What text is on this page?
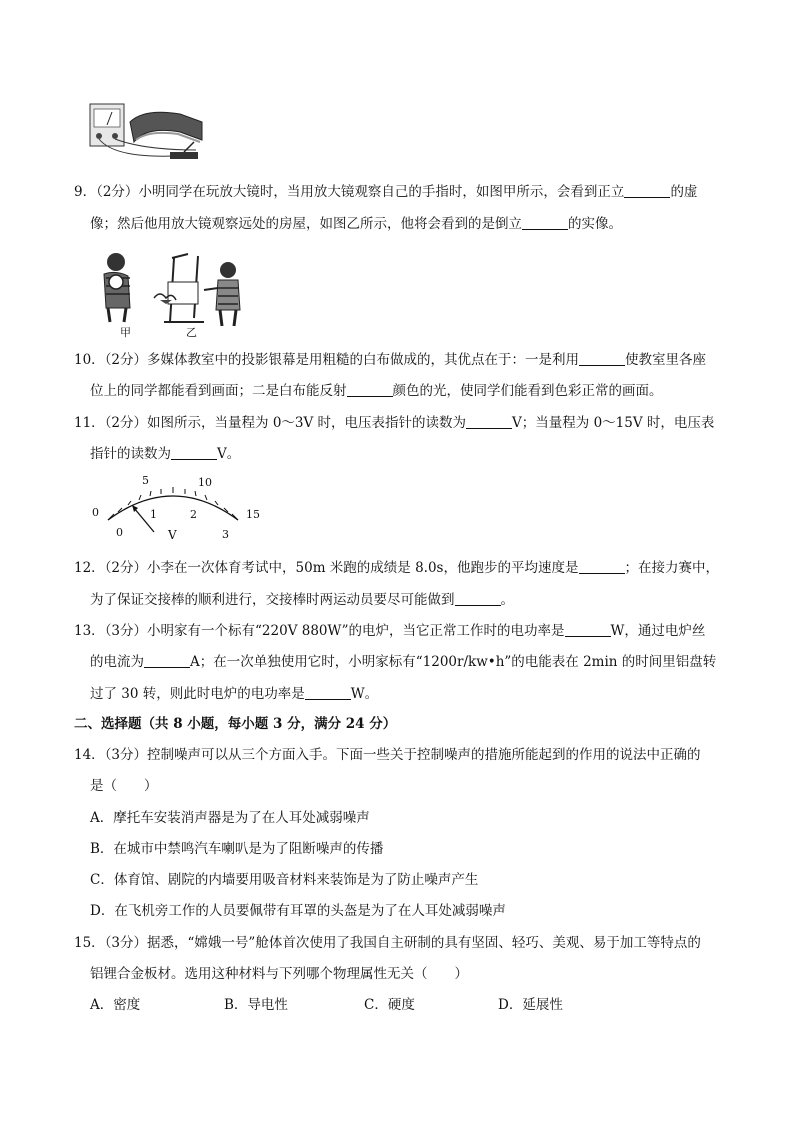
9．（2分）小明同学在玩放大镜时，当用放大镜观察自己的手指时，如图甲所示，会看到正立	的虚
像；然后他用放大镜观察远处的房屋，如图乙所示，他将会看到的是倒立	的实像。
甲	乙
10．（2分）多媒体教室中的投影银幕是用粗糙的白布做成的，其优点在于：一是利用	使教室里各座
位上的同学都能看到画面；二是白布能反射	颜色的光，使同学们能看到色彩正常的画面。
11．（2分）如图所示，当量程为 0～3V 时，电压表指针的读数为	V；当量程为 0～15V 时，电压表
指针的读数为	V。
0
5	10
15
0
1	2
3
V
12．（2分）小李在一次体育考试中，50m 米跑的成绩是 8.0s，他跑步的平均速度是	；在接力赛中，
为了保证交接棒的顺利进行，交接棒时两运动员要尽可能做到	。
13．（3分）小明家有一个标有“220V 880W”的电炉，当它正常工作时的电功率是	W，通过电炉丝
的电流为	A；在一次单独使用它时，小明家标有“1200r/kw•h”的电能表在 2min 的时间里铝盘转
过了 30 转，则此时电炉的电功率是	W。
二、选择题（共 8 小题，每小题 3 分，满分 24 分）
14．（3分）控制噪声可以从三个方面入手。下面一些关于控制噪声的措施所能起到的作用的说法中正确的
是（　　）
A．摩托车安装消声器是为了在人耳处减弱噪声
B．在城市中禁鸣汽车喇叭是为了阻断噪声的传播
C．体育馆、剧院的内墙要用吸音材料来装饰是为了防止噪声产生
D．在飞机旁工作的人员要佩带有耳罩的头盔是为了在人耳处减弱噪声
15．（3分）据悉，“嫦娥一号”舱体首次使用了我国自主研制的具有坚固、轻巧、美观、易于加工等特点的
铝锂合金板材。选用这种材料与下列哪个物理属性无关（　　）
A．密度	B．导电性	C．硬度	D．延展性
